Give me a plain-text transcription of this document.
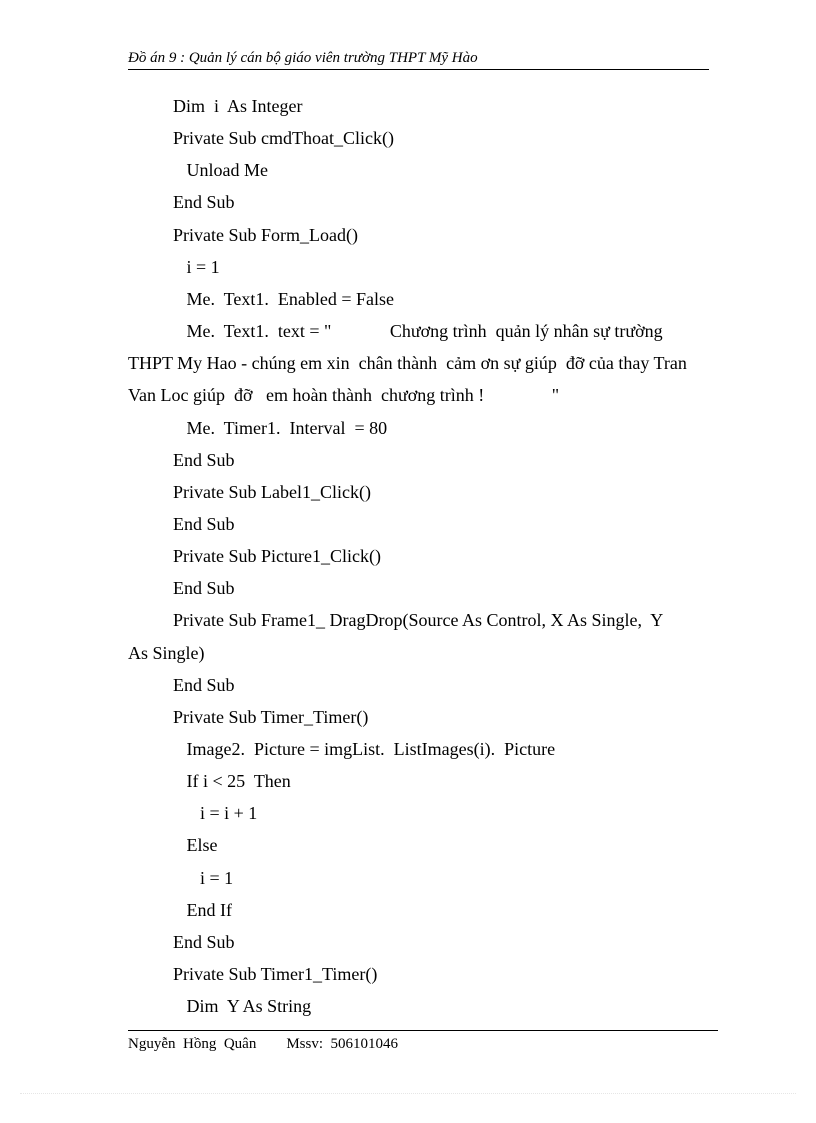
Đồ án 9 : Quản lý cán bộ giáo viên trường THPT Mỹ Hào
Dim  i  As Integer
Private Sub cmdThoat_Click()
Unload Me
End Sub
Private Sub Form_Load()
i = 1
Me.  Text1.  Enabled = False
Me.  Text1.  text = "             Chương trình  quản lý nhân sự trường
THPT My Hao - chúng em xin  chân thành  cảm ơn sự giúp  đỡ của thay Tran
Van Loc giúp  đỡ   em hoàn thành  chương trình !               "
Me.  Timer1.  Interval  = 80
End Sub
Private Sub Label1_Click()
End Sub
Private Sub Picture1_Click()
End Sub
Private Sub Frame1_ DragDrop(Source As Control, X As Single,  Y
As Single)
End Sub
Private Sub Timer_Timer()
Image2.  Picture = imgList.  ListImages(i).  Picture
If i < 25  Then
i = i + 1
Else
i = 1
End If
End Sub
Private Sub Timer1_Timer()
Dim  Y As String
Nguyễn  Hồng  Quân Mssv:  506101046
